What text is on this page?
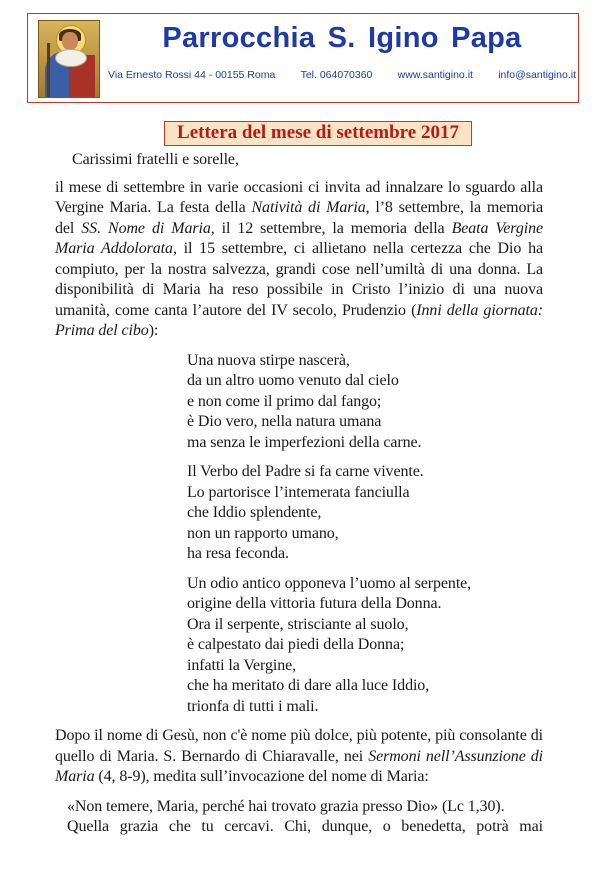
Parrocchia S. Igino Papa
Via Ernesto Rossi 44 - 00155 Roma Tel. 064070360 www.santigino.it info@santigino.it
Lettera del mese di settembre 2017

Carissimi fratelli e sorelle,

il mese di settembre in varie occasioni ci invita ad innalzare lo sguardo alla Vergine Maria. La festa della Natività di Maria, l’8 settembre, la memoria del SS. Nome di Maria, il 12 settembre, la memoria della Beata Vergine Maria Addolorata, il 15 settembre, ci allietano nella certezza che Dio ha compiuto, per la nostra salvezza, grandi cose nell’umiltà di una donna. La disponibilità di Maria ha reso possibile in Cristo l’inizio di una nuova umanità, come canta l’autore del IV secolo, Prudenzio (Inni della giornata: Prima del cibo):

Una nuova stirpe nascerà,
da un altro uomo venuto dal cielo
e non come il primo dal fango;
è Dio vero, nella natura umana
ma senza le imperfezioni della carne.
Il Verbo del Padre si fa carne vivente.
Lo partorisce l’intemerata fanciulla
che Iddio splendente,
non un rapporto umano,
ha resa feconda.
Un odio antico opponeva l’uomo al serpente,
origine della vittoria futura della Donna.
Ora il serpente, strisciante al suolo,
è calpestato dai piedi della Donna;
infatti la Vergine,
che ha meritato di dare alla luce Iddio,
trionfa di tutti i mali.

Dopo il nome di Gesù, non c'è nome più dolce, più potente, più consolante di quello di Maria. S. Bernardo di Chiaravalle, nei Sermoni nell’Assunzione di Maria (4, 8-9), medita sull’invocazione del nome di Maria:

«Non temere, Maria, perché hai trovato grazia presso Dio» (Lc 1,30).

Quella grazia che tu cercavi. Chi, dunque, o benedetta, potrà mai
